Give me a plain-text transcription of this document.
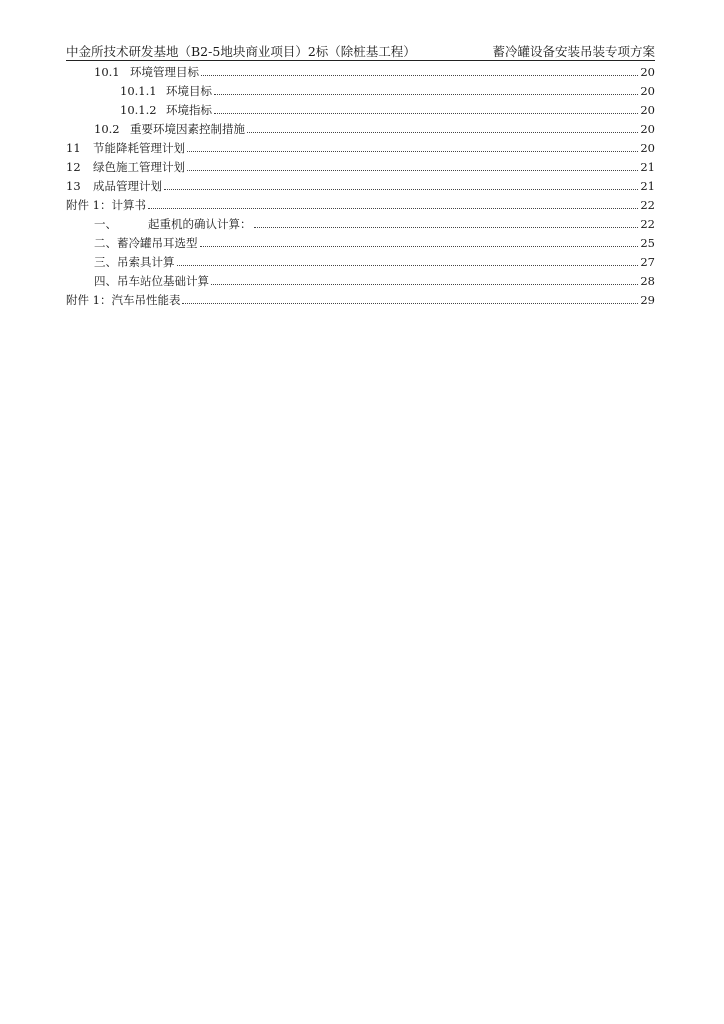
中金所技术研发基地（B2-5地块商业项目）2标（除桩基工程）	蓄冷罐设备安装吊装专项方案
10.1 环境管理目标	20
10.1.1 环境目标	20
10.1.2 环境指标	20
10.2 重要环境因素控制措施	20
11	节能降耗管理计划	20
12	绿色施工管理计划	21
13	成品管理计划	21
附件 1：计算书	22
一、	起重机的确认计算：	22
二、蓄冷罐吊耳选型	25
三、吊索具计算	27
四、吊车站位基础计算	28
附件 1：汽车吊性能表	29
